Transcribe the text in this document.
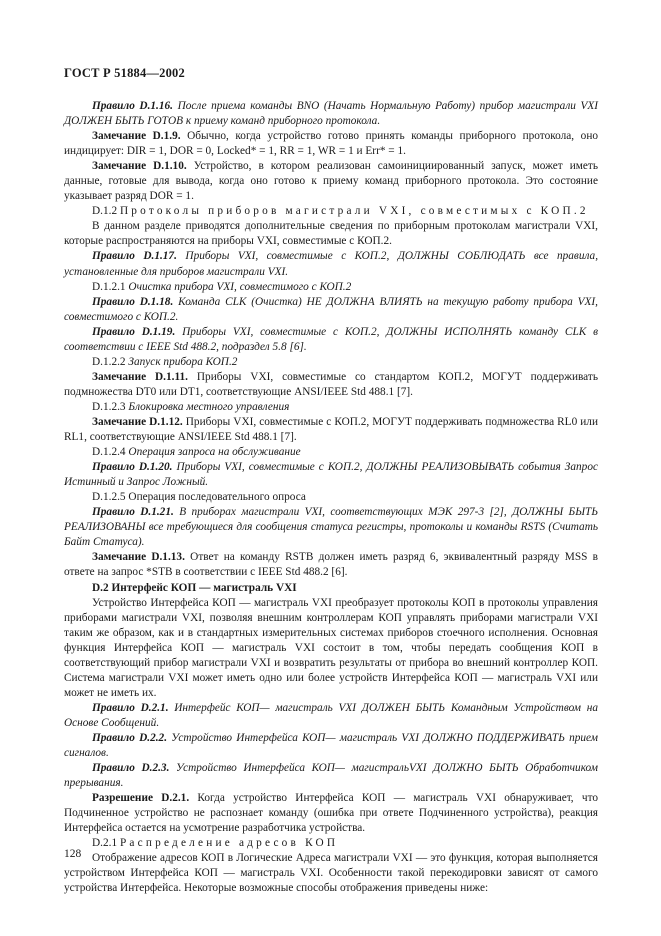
ГОСТ Р 51884—2002

Правило D.1.16. После приема команды BNO (Начать Нормальную Работу) прибор магистрали VXI ДОЛЖЕН БЫТЬ ГОТОВ к приему команд приборного протокола.

Замечание D.1.9. Обычно, когда устройство готово принять команды приборного протокола, оно индицирует: DIR = 1, DOR = 0, Locked* = 1, RR = 1, WR = 1 и Err* = 1.

Замечание D.1.10. Устройство, в котором реализован самоинициированный запуск, может иметь данные, готовые для вывода, когда оно готово к приему команд приборного протокола. Это состояние указывает разряд DOR = 1.

D.1.2 Протоколы приборов магистрали VXI, совместимых с КОП.2

В данном разделе приводятся дополнительные сведения по приборным протоколам магистрали VXI, которые распространяются на приборы VXI, совместимые с КОП.2.

Правило D.1.17. Приборы VXI, совместимые с КОП.2, ДОЛЖНЫ СОБЛЮДАТЬ все правила, установленные для приборов магистрали VXI.

D.1.2.1 Очистка прибора VXI, совместимого с КОП.2

Правило D.1.18. Команда CLK (Очистка) НЕ ДОЛЖНА ВЛИЯТЬ на текущую работу прибора VXI, совместимого с КОП.2.

Правило D.1.19. Приборы VXI, совместимые с КОП.2, ДОЛЖНЫ ИСПОЛНЯТЬ команду CLK в соответствии с IEEE Std 488.2, подраздел 5.8 [6].

D.1.2.2 Запуск прибора КОП.2

Замечание D.1.11. Приборы VXI, совместимые со стандартом КОП.2, МОГУТ поддерживать подмножества DT0 или DT1, соответствующие ANSI/IEEE Std 488.1 [7].

D.1.2.3 Блокировка местного управления

Замечание D.1.12. Приборы VXI, совместимые с КОП.2, МОГУТ поддерживать подмножества RL0 или RL1, соответствующие ANSI/IEEE Std 488.1 [7].

D.1.2.4 Операция запроса на обслуживание

Правило D.1.20. Приборы VXI, совместимые с КОП.2, ДОЛЖНЫ РЕАЛИЗОВЫВАТЬ события Запрос Истинный и Запрос Ложный.

D.1.2.5 Операция последовательного опроса

Правило D.1.21. В приборах магистрали VXI, соответствующих МЭК 297-3 [2], ДОЛЖНЫ БЫТЬ РЕАЛИЗОВАНЫ все требующиеся для сообщения статуса регистры, протоколы и команды RSTS (Считать Байт Статуса).

Замечание D.1.13. Ответ на команду RSTB должен иметь разряд 6, эквивалентный разряду MSS в ответе на запрос *STB в соответствии с IEEE Std 488.2 [6].

D.2 Интерфейс КОП — магистраль VXI

Устройство Интерфейса КОП — магистраль VXI преобразует протоколы КОП в протоколы управления приборами магистрали VXI, позволяя внешним контроллерам КОП управлять приборами магистрали VXI таким же образом, как и в стандартных измерительных системах приборов стоечного исполнения. Основная функция Интерфейса КОП — магистраль VXI состоит в том, чтобы передать сообщения КОП в соответствующий прибор магистрали VXI и возвратить результаты от прибора во внешний контроллер КОП. Система магистрали VXI может иметь одно или более устройств Интерфейса КОП — магистраль VXI или может не иметь их.

Правило D.2.1. Интерфейс КОП— магистраль VXI ДОЛЖЕН БЫТЬ Командным Устройством на Основе Сообщений.

Правило D.2.2. Устройство Интерфейса КОП— магистраль VXI ДОЛЖНО ПОДДЕРЖИВАТЬ прием сигналов.

Правило D.2.3. Устройство Интерфейса КОП— магистральVXI ДОЛЖНО БЫТЬ Обработчиком прерывания.

Разрешение D.2.1. Когда устройство Интерфейса КОП — магистраль VXI обнаруживает, что Подчиненное устройство не распознает команду (ошибка при ответе Подчиненного устройства), реакция Интерфейса остается на усмотрение разработчика устройства.

D.2.1 Распределение адресов КОП

Отображение адресов КОП в Логические Адреса магистрали VXI — это функция, которая выполняется устройством Интерфейса КОП — магистраль VXI. Особенности такой перекодировки зависят от самого устройства Интерфейса. Некоторые возможные способы отображения приведены ниже:

128
